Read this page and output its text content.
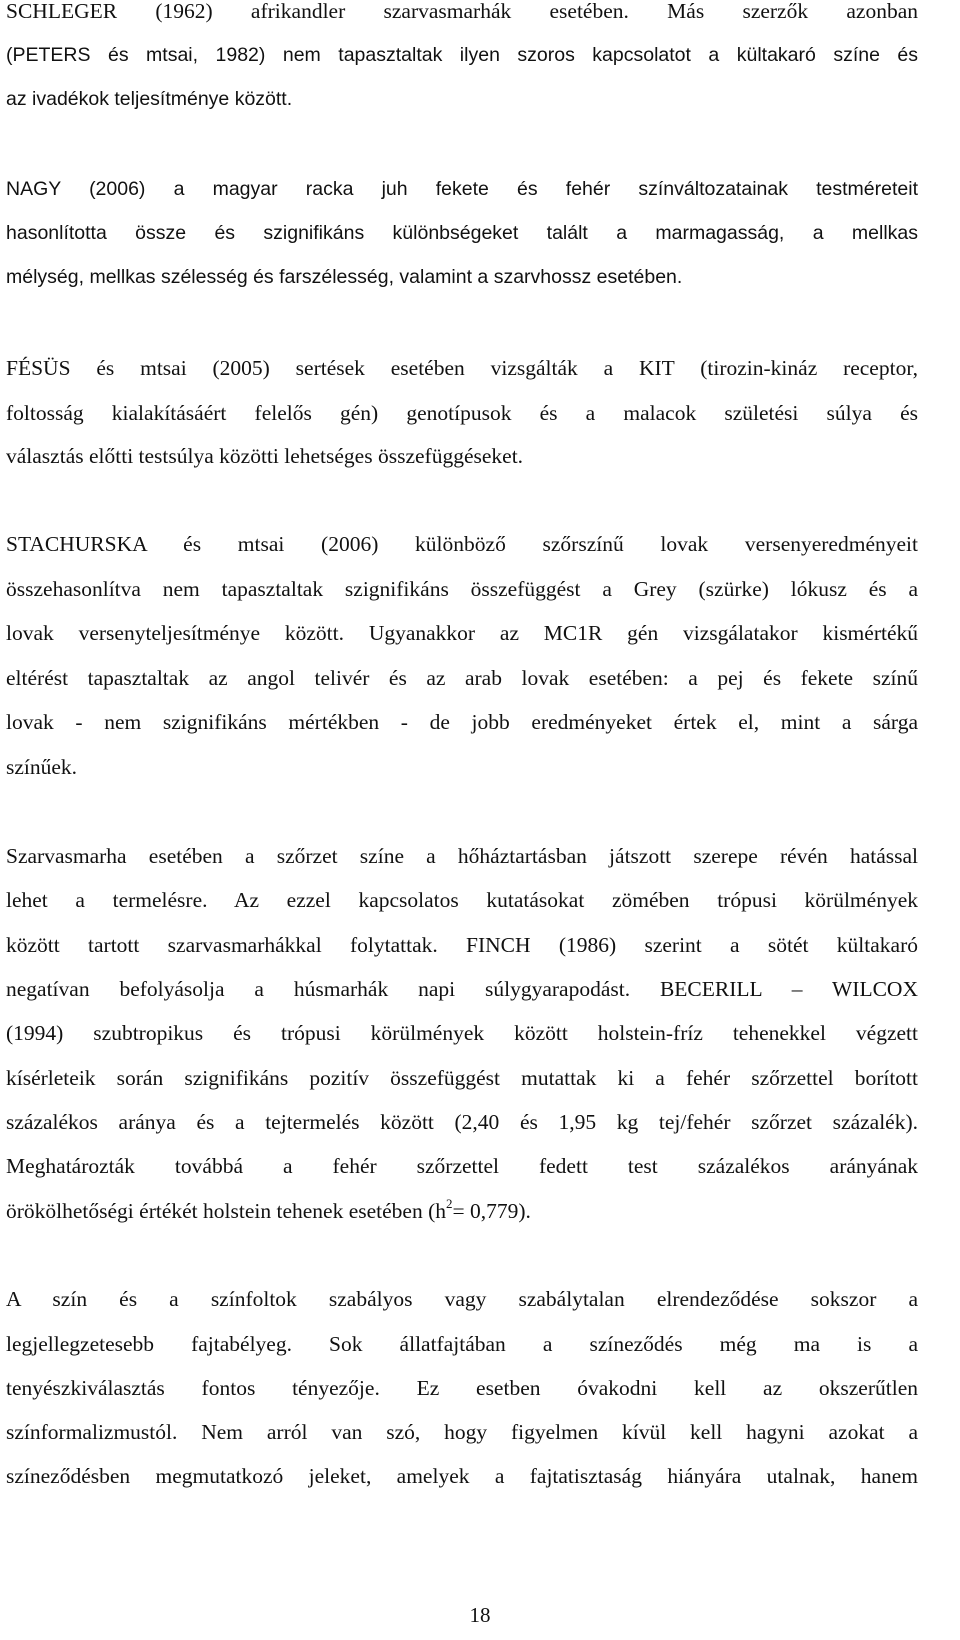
SCHLEGER (1962) afrikandler szarvasmarhák esetében. Más szerzők azonban
(PETERS és mtsai, 1982) nem tapasztaltak ilyen szoros kapcsolatot a kültakaró színe és
az ivadékok teljesítménye között.
NAGY (2006) a magyar racka juh fekete és fehér színváltozatainak testméreteit
hasonlította össze és szignifikáns különbségeket talált a marmagasság, a mellkas
mélység, mellkas szélesség és farszélesség, valamint a szarvhossz esetében.
FÉSÜS és mtsai (2005) sertések esetében vizsgálták a KIT (tirozin-kináz receptor,
foltosság kialakításáért felelős gén) genotípusok és a malacok születési súlya és
választás előtti testsúlya közötti lehetséges összefüggéseket.
STACHURSKA és mtsai (2006) különböző szőrszínű lovak versenyeredményeit
összehasonlítva nem tapasztaltak szignifikáns összefüggést a Grey (szürke) lókusz és a
lovak versenyteljesítménye között. Ugyanakkor az MC1R gén vizsgálatakor kismértékű
eltérést tapasztaltak az angol telivér és az arab lovak esetében: a pej és fekete színű
lovak - nem szignifikáns mértékben - de jobb eredményeket értek el, mint a sárga
színűek.
Szarvasmarha esetében a szőrzet színe a hőháztartásban játszott szerepe révén hatással
lehet a termelésre. Az ezzel kapcsolatos kutatásokat zömében trópusi körülmények
között tartott szarvasmarhákkal folytattak. FINCH (1986) szerint a sötét kültakaró
negatívan befolyásolja a húsmarhák napi súlygyarapodást. BECERILL – WILCOX
(1994) szubtropikus és trópusi körülmények között holstein-fríz tehenekkel végzett
kísérleteik során szignifikáns pozitív összefüggést mutattak ki a fehér szőrzettel borított
százalékos aránya és a tejtermelés között (2,40 és 1,95 kg tej/fehér szőrzet százalék).
Meghatározták továbbá a fehér szőrzettel fedett test százalékos arányának
örökölhetőségi értékét holstein tehenek esetében $(h^2= 0,779)$.
A szín és a színfoltok szabályos vagy szabálytalan elrendeződése sokszor a
legjellegzetesebb fajtabélyeg. Sok állatfajtában a színeződés még ma is a
tenyészkiválasztás fontos tényezője. Ez esetben óvakodni kell az okszerűtlen
színformalizmustól. Nem arról van szó, hogy figyelmen kívül kell hagyni azokat a
színeződésben megmutatkozó jeleket, amelyek a fajtatisztaság hiányára utalnak, hanem
18
